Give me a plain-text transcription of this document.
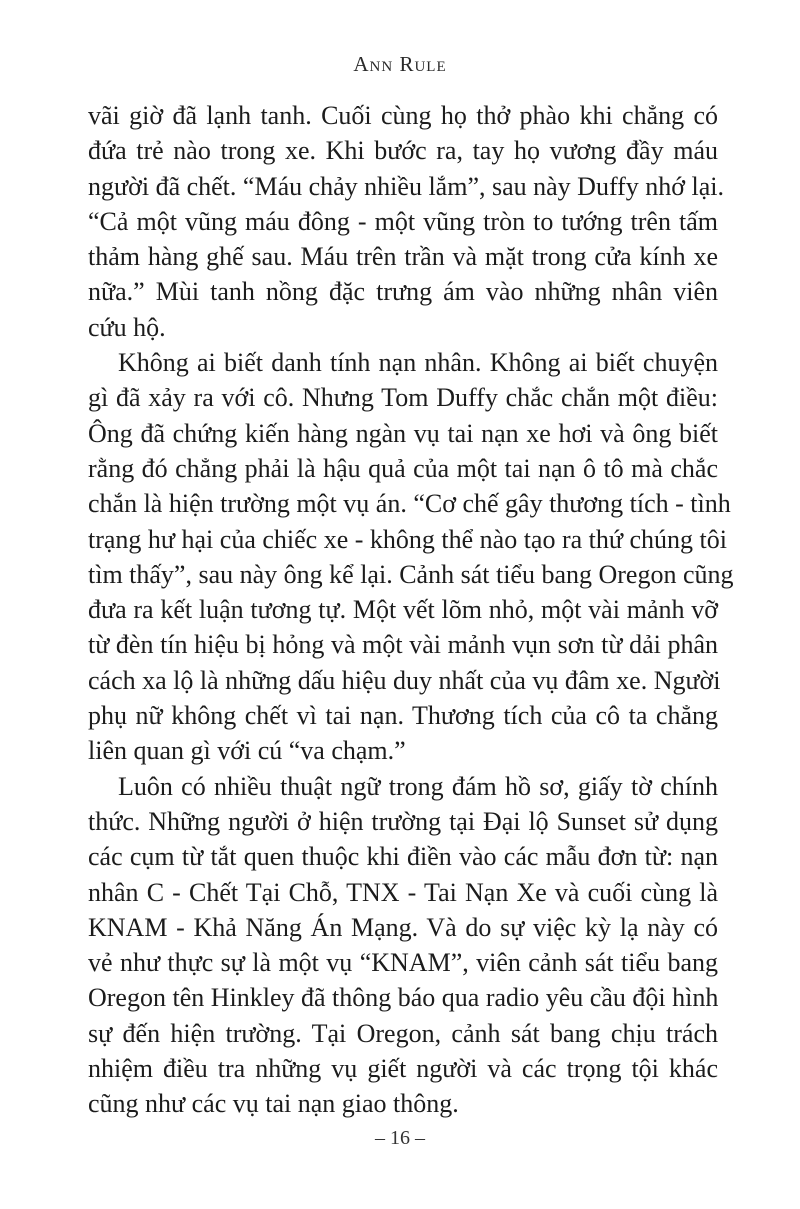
Ann Rule
vãi giờ đã lạnh tanh. Cuối cùng họ thở phào khi chẳng có
đứa trẻ nào trong xe. Khi bước ra, tay họ vương đầy máu
người đã chết. “Máu chảy nhiều lắm”, sau này Duffy nhớ lại.
“Cả một vũng máu đông - một vũng tròn to tướng trên tấm
thảm hàng ghế sau. Máu trên trần và mặt trong cửa kính xe
nữa.” Mùi tanh nồng đặc trưng ám vào những nhân viên
cứu hộ.
Không ai biết danh tính nạn nhân. Không ai biết chuyện
gì đã xảy ra với cô. Nhưng Tom Duffy chắc chắn một điều:
Ông đã chứng kiến hàng ngàn vụ tai nạn xe hơi và ông biết
rằng đó chẳng phải là hậu quả của một tai nạn ô tô mà chắc
chắn là hiện trường một vụ án. “Cơ chế gây thương tích - tình
trạng hư hại của chiếc xe - không thể nào tạo ra thứ chúng tôi
tìm thấy”, sau này ông kể lại. Cảnh sát tiểu bang Oregon cũng
đưa ra kết luận tương tự. Một vết lõm nhỏ, một vài mảnh vỡ
từ đèn tín hiệu bị hỏng và một vài mảnh vụn sơn từ dải phân
cách xa lộ là những dấu hiệu duy nhất của vụ đâm xe. Người
phụ nữ không chết vì tai nạn. Thương tích của cô ta chẳng
liên quan gì với cú “va chạm.”
Luôn có nhiều thuật ngữ trong đám hồ sơ, giấy tờ chính
thức. Những người ở hiện trường tại Đại lộ Sunset sử dụng
các cụm từ tắt quen thuộc khi điền vào các mẫu đơn từ: nạn
nhân C - Chết Tại Chỗ, TNX - Tai Nạn Xe và cuối cùng là
KNAM - Khả Năng Án Mạng. Và do sự việc kỳ lạ này có
vẻ như thực sự là một vụ “KNAM”, viên cảnh sát tiểu bang
Oregon tên Hinkley đã thông báo qua radio yêu cầu đội hình
sự đến hiện trường. Tại Oregon, cảnh sát bang chịu trách
nhiệm điều tra những vụ giết người và các trọng tội khác
cũng như các vụ tai nạn giao thông.
– 16 –
